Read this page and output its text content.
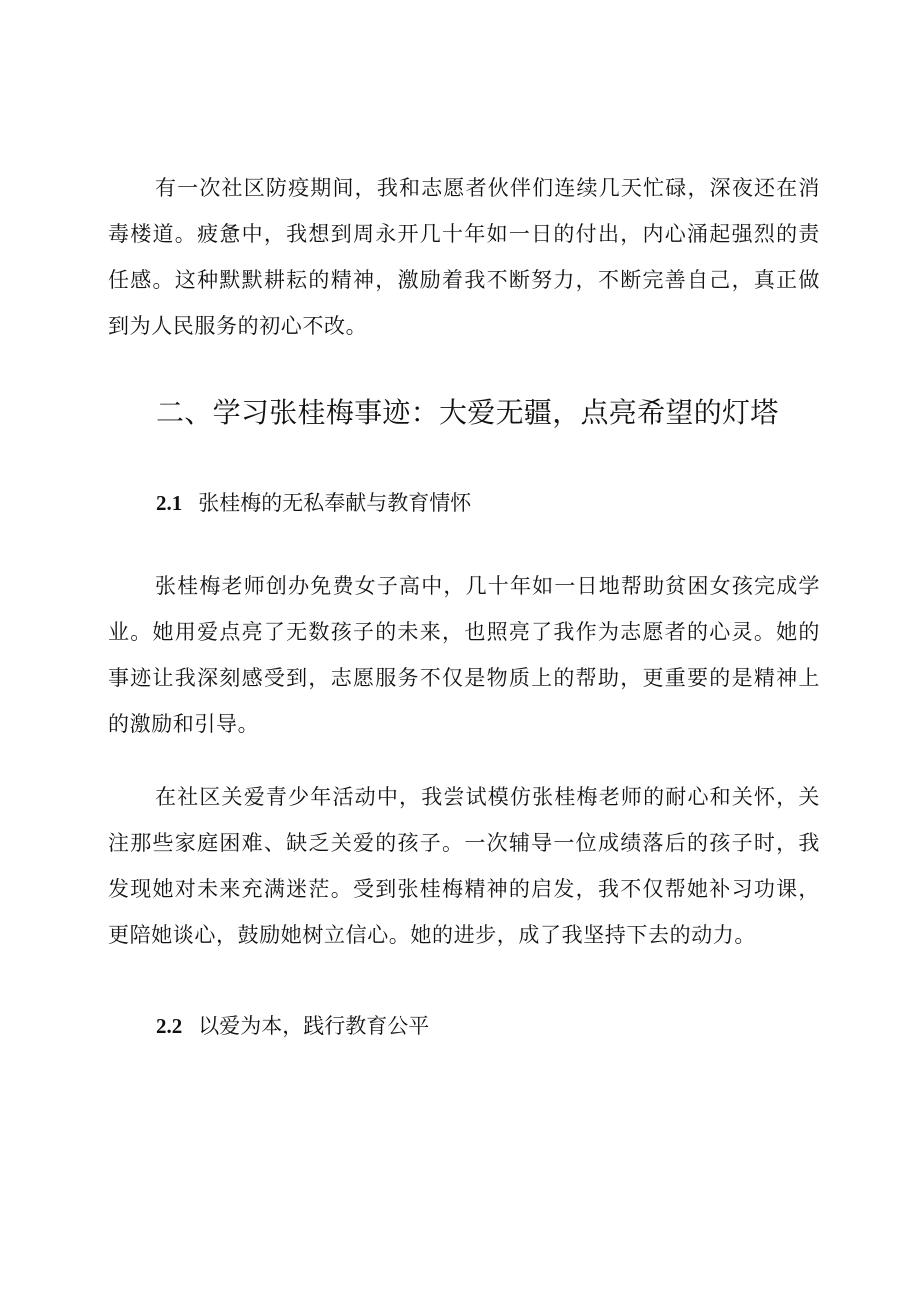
有一次社区防疫期间，我和志愿者伙伴们连续几天忙碌，深夜还在消毒楼道。疲惫中，我想到周永开几十年如一日的付出，内心涌起强烈的责任感。这种默默耕耘的精神，激励着我不断努力，不断完善自己，真正做到为人民服务的初心不改。

二、学习张桂梅事迹：大爱无疆，点亮希望的灯塔
2.1 张桂梅的无私奉献与教育情怀

张桂梅老师创办免费女子高中，几十年如一日地帮助贫困女孩完成学业。她用爱点亮了无数孩子的未来，也照亮了我作为志愿者的心灵。她的事迹让我深刻感受到，志愿服务不仅是物质上的帮助，更重要的是精神上的激励和引导。

在社区关爱青少年活动中，我尝试模仿张桂梅老师的耐心和关怀，关注那些家庭困难、缺乏关爱的孩子。一次辅导一位成绩落后的孩子时，我发现她对未来充满迷茫。受到张桂梅精神的启发，我不仅帮她补习功课，更陪她谈心，鼓励她树立信心。她的进步，成了我坚持下去的动力。

2.2 以爱为本，践行教育公平
